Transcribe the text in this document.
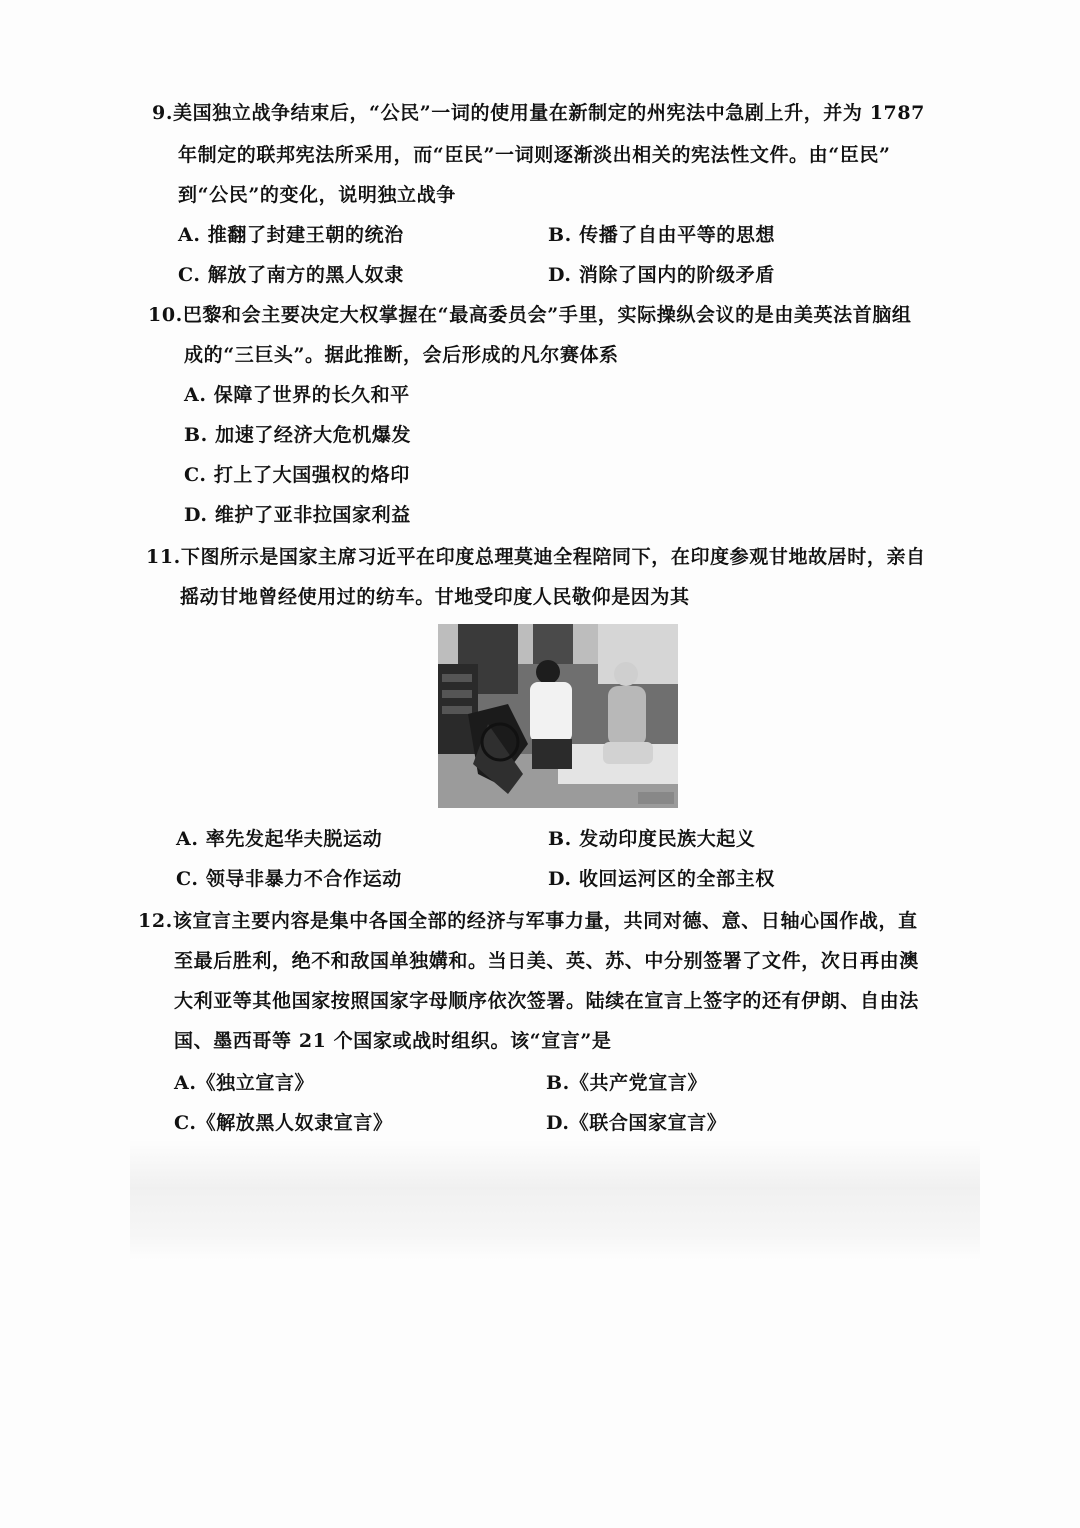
9.美国独立战争结束后，“公民”一词的使用量在新制定的州宪法中急剧上升，并为 1787
年制定的联邦宪法所采用，而“臣民”一词则逐渐淡出相关的宪法性文件。由“臣民”
到“公民”的变化，说明独立战争
A. 推翻了封建王朝的统治	B. 传播了自由平等的思想
C. 解放了南方的黑人奴隶	D. 消除了国内的阶级矛盾
10.巴黎和会主要决定大权掌握在“最高委员会”手里，实际操纵会议的是由美英法首脑组
成的“三巨头”。据此推断，会后形成的凡尔赛体系
A. 保障了世界的长久和平
B. 加速了经济大危机爆发
C. 打上了大国强权的烙印
D. 维护了亚非拉国家利益
11.下图所示是国家主席习近平在印度总理莫迪全程陪同下，在印度参观甘地故居时，亲自
摇动甘地曾经使用过的纺车。甘地受印度人民敬仰是因为其
A. 率先发起华夫脱运动	B. 发动印度民族大起义
C. 领导非暴力不合作运动	D. 收回运河区的全部主权
12.该宣言主要内容是集中各国全部的经济与军事力量，共同对德、意、日轴心国作战，直
至最后胜利，绝不和敌国单独媾和。当日美、英、苏、中分别签署了文件，次日再由澳
大利亚等其他国家按照国家字母顺序依次签署。陆续在宣言上签字的还有伊朗、自由法
国、墨西哥等 21 个国家或战时组织。该“宣言”是
A.《独立宣言》	B.《共产党宣言》
C.《解放黑人奴隶宣言》	D.《联合国家宣言》
